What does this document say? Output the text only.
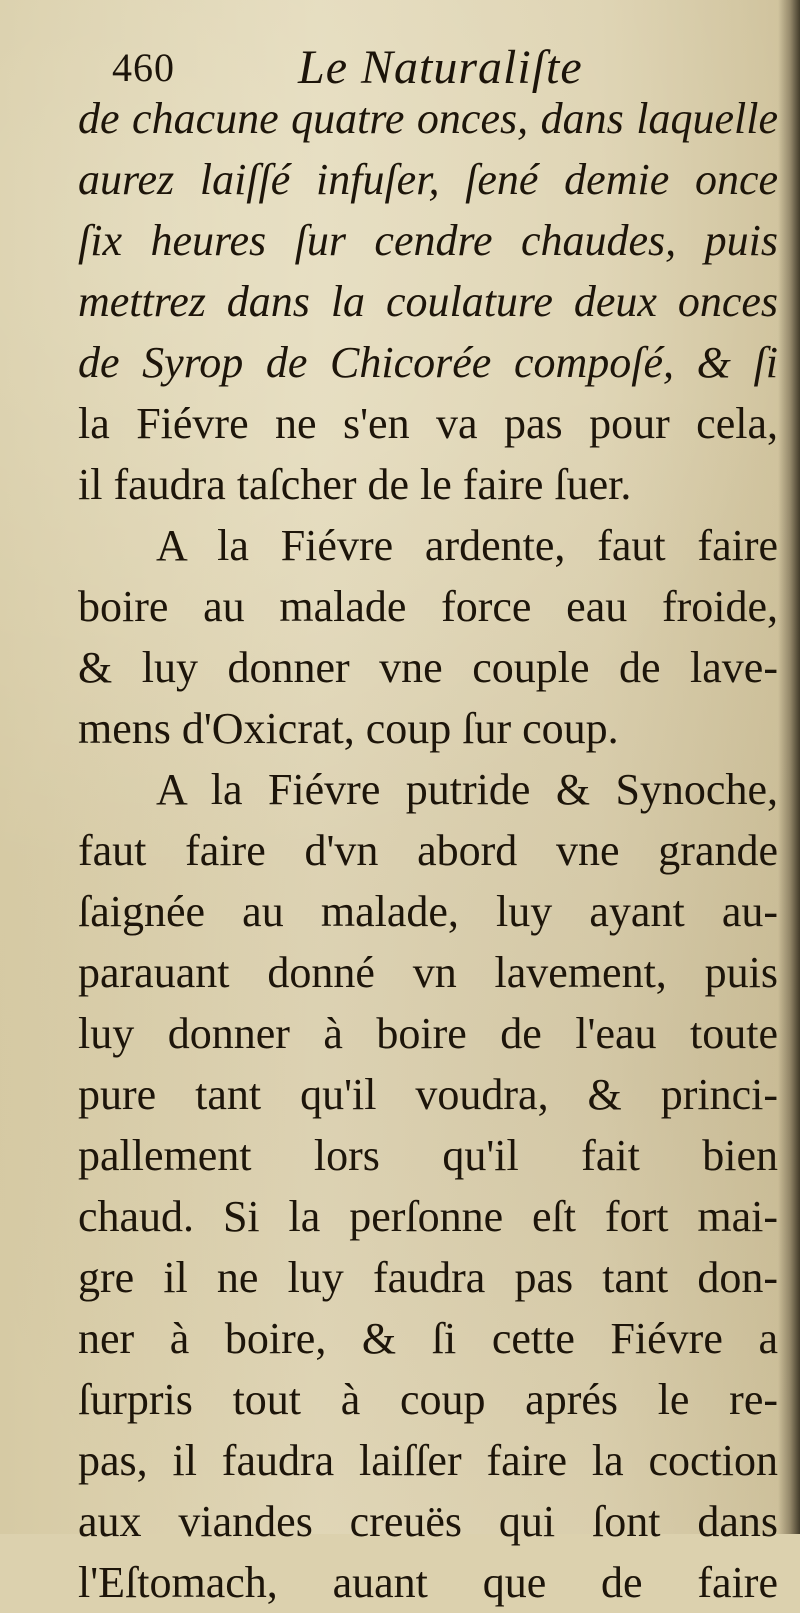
460	Le Naturaliſte
de chacune quatre onces, dans laquelle
aurez laiſſé infuſer, ſené demie once
ſix heures ſur cendre chaudes, puis
mettrez dans la coulature deux onces
de Syrop de Chicorée compoſé, & ſi
la Fiévre ne s'en va pas pour cela,
il faudra taſcher de le faire ſuer.
A la Fiévre ardente, faut faire
boire au malade force eau froide,
& luy donner vne couple de lave-
mens d'Oxicrat, coup ſur coup.
A la Fiévre putride & Synoche,
faut faire d'vn abord vne grande
ſaignée au malade, luy ayant au-
parauant donné vn lavement, puis
luy donner à boire de l'eau toute
pure tant qu'il voudra, & princi-
pallement lors qu'il fait bien
chaud. Si la perſonne eſt fort mai-
gre il ne luy faudra pas tant don-
ner à boire, & ſi cette Fiévre a
ſurpris tout à coup aprés le re-
pas, il faudra laiſſer faire la coction
aux viandes creuës qui ſont dans
l'Eſtomach, auant que de faire
